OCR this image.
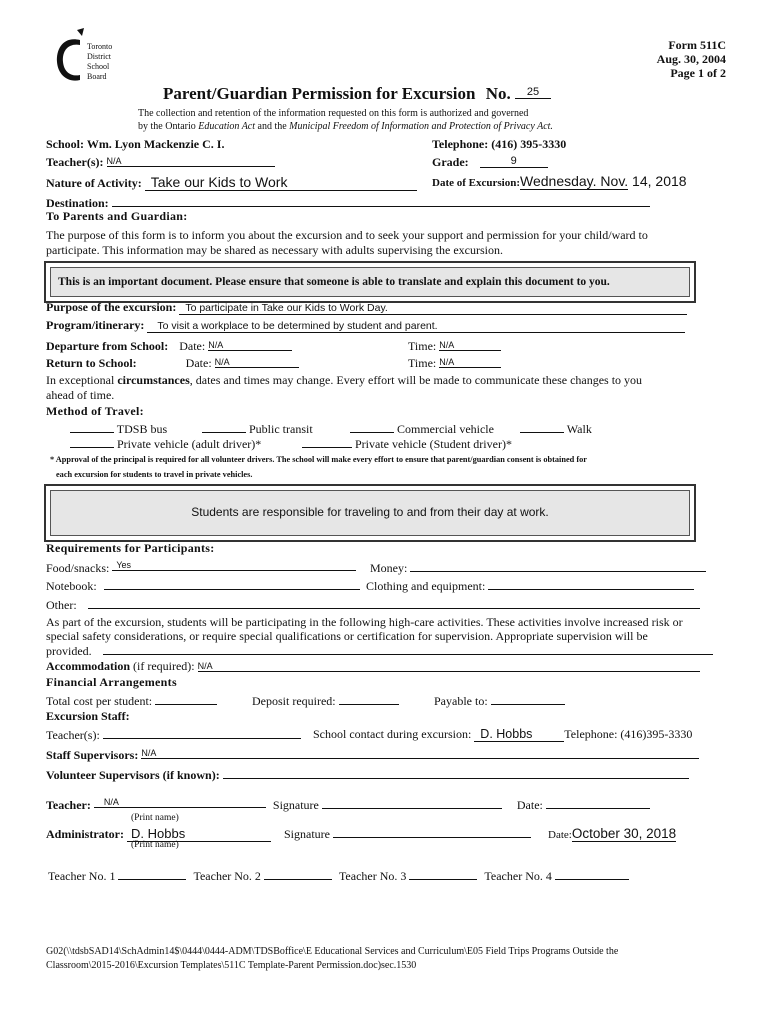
Toronto
District
School
Board
Form 511C
Aug. 30, 2004
Page 1 of 2
Parent/Guardian Permission for Excursion No. 25
The collection and retention of the information requested on this form is authorized and governed
by the Ontario Education Act and the Municipal Freedom of Information and Protection of Privacy Act.
School: Wm. Lyon Mackenzie C. I.	Telephone: (416) 395-3330
Teacher(s): N/A	Grade:	9
Nature of Activity: Take our Kids to Work	Date of Excursion:Wednesday. Nov. 14, 2018
Destination:
To Parents and Guardian:
The purpose of this form is to inform you about the excursion and to seek your support and permission for your child/ward to
participate. This information may be shared as necessary with adults supervising the excursion.
This is an important document. Please ensure that someone is able to translate and explain this document to you.
Purpose of the excursion: To participate in Take our Kids to Work Day.
Program/itinerary: To visit a workplace to be determined by student and parent.
Departure from School: Date: N/A	Time: N/A
Return to School:	Date: N/A	Time: N/A
In exceptional circumstances, dates and times may change. Every effort will be made to communicate these changes to you
ahead of time.
Method of Travel:
TDSB bus	Public transit	Commercial vehicle	Walk
Private vehicle (adult driver)*	Private vehicle (Student driver)*
* Approval of the principal is required for all volunteer drivers. The school will make every effort to ensure that parent/guardian consent is obtained for
each excursion for students to travel in private vehicles.
Students are responsible for traveling to and from their day at work.
Requirements for Participants:
Food/snacks: Yes	Money:
Notebook:	Clothing and equipment:
Other:
As part of the excursion, students will be participating in the following high-care activities. These activities involve increased risk or
special safety considerations, or require special qualifications or certification for supervision. Appropriate supervision will be
provided.
Accommodation (if required): N/A
Financial Arrangements
Total cost per student:	Deposit required:	Payable to:
Excursion Staff:
Teacher(s):	School contact during excursion: D. Hobbs	Telephone: (416)395-3330
Staff Supervisors: N/A
Volunteer Supervisors (if known):
Teacher: N/A	Signature	Date:
(Print name)
Administrator: D. Hobbs	Signature	Date:October 30, 2018
(Print name)
Teacher No. 1	Teacher No. 2	Teacher No. 3	Teacher No. 4
G02(\\tdsbSAD14\SchAdmin14$\0444\0444-ADM\TDSBoffice\E Educational Services and Curriculum\E05 Field Trips Programs Outside the
Classroom\2015-2016\Excursion Templates\511C Template-Parent Permission.doc)sec.1530
